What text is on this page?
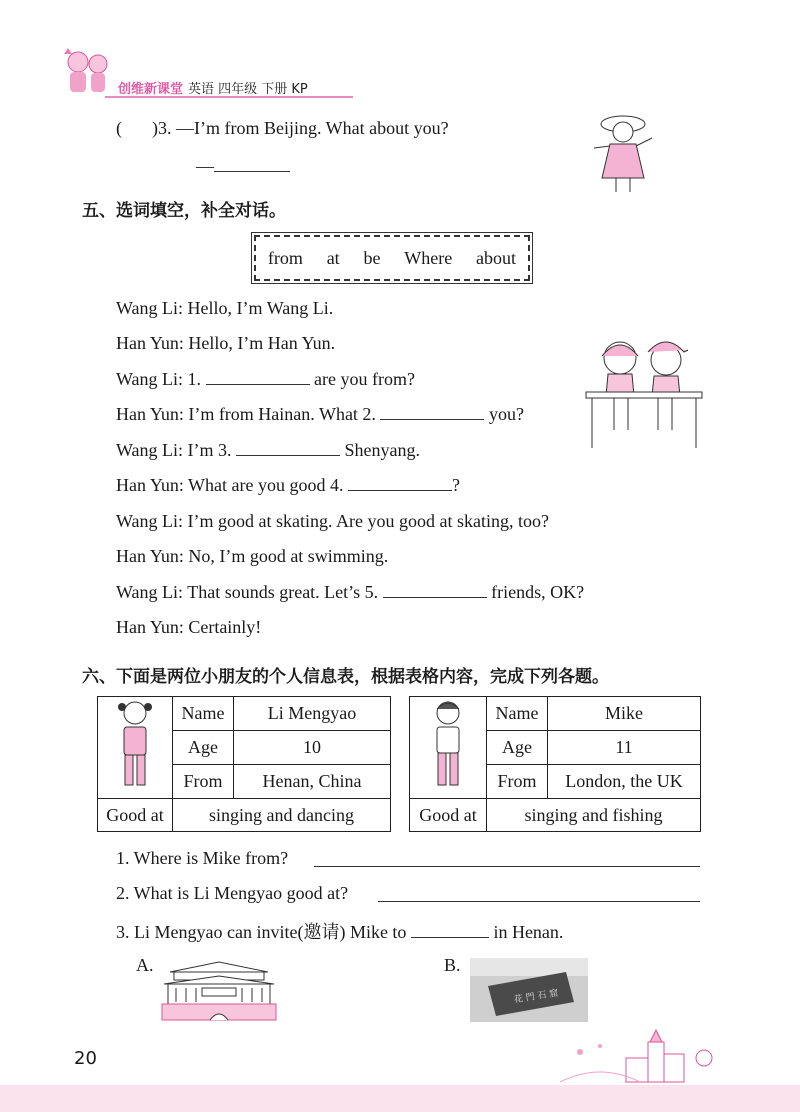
创维新课堂 英语 四年级 下册 KP
( )3. —I’m from Beijing. What about you?
—
五、选词填空，补全对话。
from at be Where about
Wang Li: Hello, I’m Wang Li.
Han Yun: Hello, I’m Han Yun.
Wang Li: 1.	are you from?
Han Yun: I’m from Hainan. What 2.	you?
Wang Li: I’m 3.	Shenyang.
Han Yun: What are you good 4.	?
Wang Li: I’m good at skating. Are you good at skating, too?
Han Yun: No, I’m good at swimming.
Wang Li: That sounds great. Let’s 5.	friends, OK?
Han Yun: Certainly!
六、下面是两位小朋友的个人信息表，根据表格内容，完成下列各题。
	Name	Li Mengyao
	Age	10
	From	Henan, China
Good at	singing and dancing	
	Name	Mike
	Age	11
	From	London, the UK
Good at	singing and fishing	
1. Where is Mike from?
2. What is Li Mengyao good at?
3. Li Mengyao can invite(邀请) Mike to	in Henan.
A.	B.
花 門 石 窟
20
